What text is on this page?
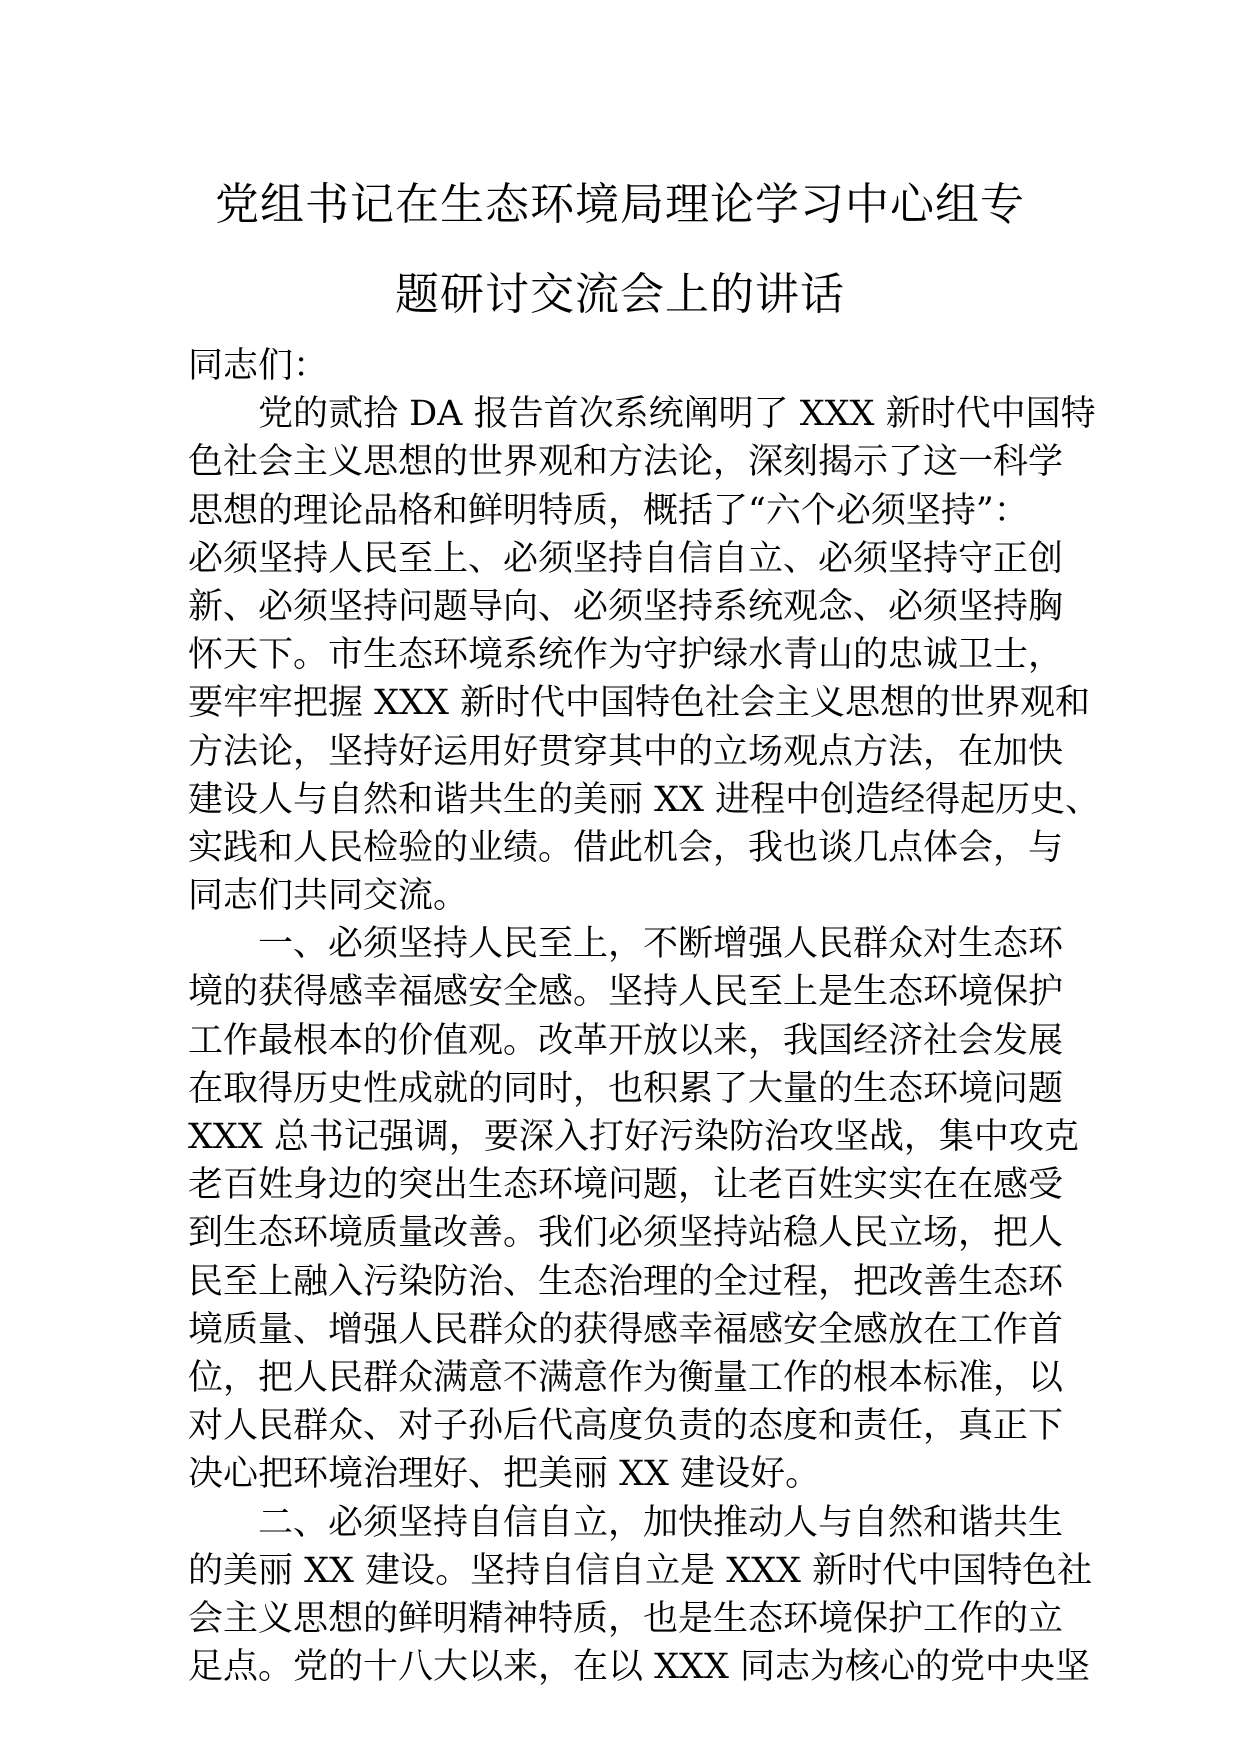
党组书记在生态环境局理论学习中心组专
题研讨交流会上的讲话
同志们：
党的贰拾 DA 报告首次系统阐明了 XXX 新时代中国特
色社会主义思想的世界观和方法论，深刻揭示了这一科学
思想的理论品格和鲜明特质，概括了“六个必须坚持”：
必须坚持人民至上、必须坚持自信自立、必须坚持守正创
新、必须坚持问题导向、必须坚持系统观念、必须坚持胸
怀天下。市生态环境系统作为守护绿水青山的忠诚卫士，
要牢牢把握 XXX 新时代中国特色社会主义思想的世界观和
方法论，坚持好运用好贯穿其中的立场观点方法，在加快
建设人与自然和谐共生的美丽 XX 进程中创造经得起历史、
实践和人民检验的业绩。借此机会，我也谈几点体会，与
同志们共同交流。
一、必须坚持人民至上，不断增强人民群众对生态环
境的获得感幸福感安全感。坚持人民至上是生态环境保护
工作最根本的价值观。改革开放以来，我国经济社会发展
在取得历史性成就的同时，也积累了大量的生态环境问题
XXX 总书记强调，要深入打好污染防治攻坚战，集中攻克
老百姓身边的突出生态环境问题，让老百姓实实在在感受
到生态环境质量改善。我们必须坚持站稳人民立场，把人
民至上融入污染防治、生态治理的全过程，把改善生态环
境质量、增强人民群众的获得感幸福感安全感放在工作首
位，把人民群众满意不满意作为衡量工作的根本标准，以
对人民群众、对子孙后代高度负责的态度和责任，真正下
决心把环境治理好、把美丽 XX 建设好。
二、必须坚持自信自立，加快推动人与自然和谐共生
的美丽 XX 建设。坚持自信自立是 XXX 新时代中国特色社
会主义思想的鲜明精神特质，也是生态环境保护工作的立
足点。党的十八大以来，在以 XXX 同志为核心的党中央坚
